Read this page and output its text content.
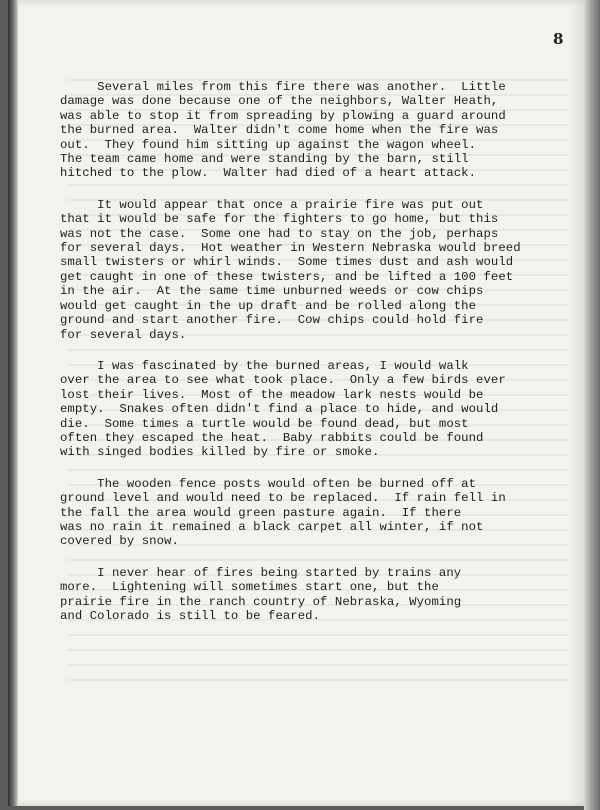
8

Several miles from this fire there was another.  Little
damage was done because one of the neighbors, Walter Heath,
was able to stop it from spreading by plowing a guard around
the burned area.  Walter didn't come home when the fire was
out.  They found him sitting up against the wagon wheel.
The team came home and were standing by the barn, still
hitched to the plow.  Walter had died of a heart attack.

It would appear that once a prairie fire was put out
that it would be safe for the fighters to go home, but this
was not the case.  Some one had to stay on the job, perhaps
for several days.  Hot weather in Western Nebraska would breed
small twisters or whirl winds.  Some times dust and ash would
get caught in one of these twisters, and be lifted a 100 feet
in the air.  At the same time unburned weeds or cow chips
would get caught in the up draft and be rolled along the
ground and start another fire.  Cow chips could hold fire
for several days.

I was fascinated by the burned areas, I would walk
over the area to see what took place.  Only a few birds ever
lost their lives.  Most of the meadow lark nests would be
empty.  Snakes often didn't find a place to hide, and would
die.  Some times a turtle would be found dead, but most
often they escaped the heat.  Baby rabbits could be found
with singed bodies killed by fire or smoke.

The wooden fence posts would often be burned off at
ground level and would need to be replaced.  If rain fell in
the fall the area would green pasture again.  If there
was no rain it remained a black carpet all winter, if not
covered by snow.

I never hear of fires being started by trains any
more.  Lightening will sometimes start one, but the
prairie fire in the ranch country of Nebraska, Wyoming
and Colorado is still to be feared.
